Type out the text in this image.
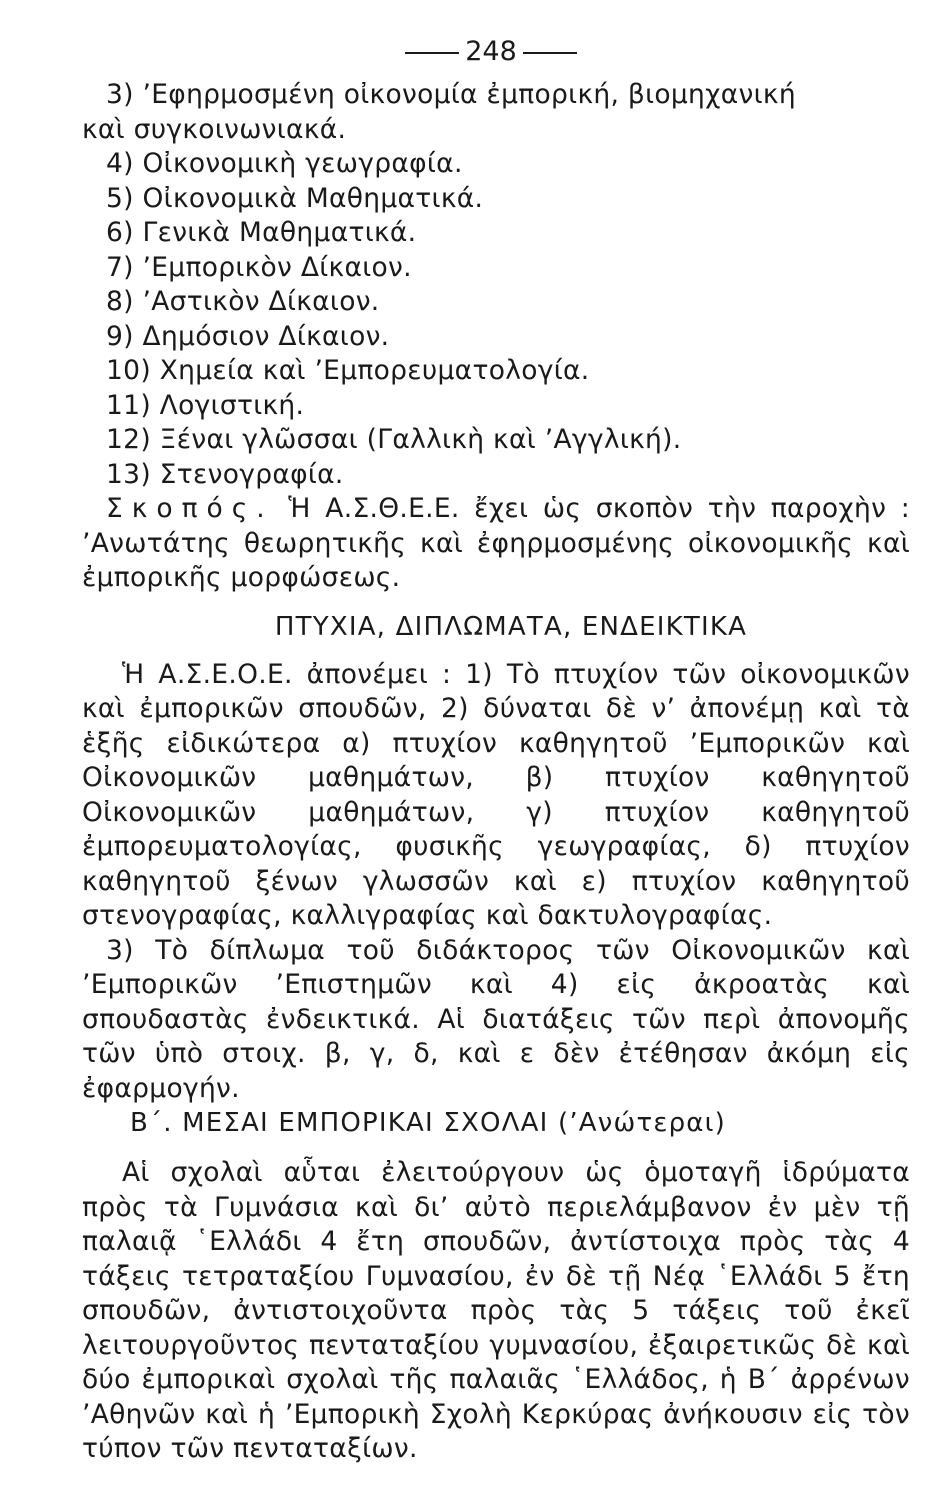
248
3) ’Εφηρμοσμένη οἰκονομία ἐμπορική, βιομηχανική
καὶ συγκοινωνιακά.
4) Οἰκονομικὴ γεωγραφία.
5) Οἰκονομικὰ Μαθηματικά.
6) Γενικὰ Μαθηματικά.
7) ’Εμπορικὸν Δίκαιον.
8) ’Αστικὸν Δίκαιον.
9) Δημόσιον Δίκαιον.
10) Χημεία καὶ ’Εμπορευματολογία.
11) Λογιστική.
12) Ξέναι γλῶσσαι (Γαλλικὴ καὶ ’Αγγλική).
13) Στενογραφία.

Σκοπός. Ἡ Α.Σ.Θ.Ε.Ε. ἔχει ὡς σκοπὸν τὴν παροχὴν : ’Ανωτάτης θεωρητικῆς καὶ ἐφηρμοσμένης οἰκονομικῆς καὶ ἐμπορικῆς μορφώσεως.

ΠΤΥΧΙΑ, ΔΙΠΛΩΜΑΤΑ, ΕΝΔΕΙΚΤΙΚΑ

Ἡ Α.Σ.Ε.Ο.Ε. ἀπονέμει : 1) Τὸ πτυχίον τῶν οἰκονομικῶν καὶ ἐμπορικῶν σπουδῶν, 2) δύναται δὲ ν’ ἀπονέμῃ καὶ τὰ ἑξῆς εἰδικώτερα α) πτυχίον καθηγητοῦ ’Εμπορικῶν καὶ Οἰκονομικῶν μαθημάτων, β) πτυχίον καθηγητοῦ Οἰκονομικῶν μαθημάτων, γ) πτυχίον καθηγητοῦ ἐμπορευματολογίας, φυσικῆς γεωγραφίας, δ) πτυχίον καθηγητοῦ ξένων γλωσσῶν καὶ ε) πτυχίον καθηγητοῦ στενογραφίας, καλλιγραφίας καὶ δακτυλογραφίας.

3) Τὸ δίπλωμα τοῦ διδάκτορος τῶν Οἰκονομικῶν καὶ ’Εμπορικῶν ’Επιστημῶν καὶ 4) εἰς ἀκροατὰς καὶ σπουδαστὰς ἐνδεικτικά. Αἱ διατάξεις τῶν περὶ ἀπονομῆς τῶν ὑπὸ στοιχ. β, γ, δ, καὶ ε δὲν ἐτέθησαν ἀκόμη εἰς ἐφαρμογήν.

Β΄. ΜΕΣΑΙ ΕΜΠΟΡΙΚΑΙ ΣΧΟΛΑΙ (’Ανώτεραι)

Αἱ σχολαὶ αὗται ἐλειτούργουν ὡς ὁμοταγῆ ἱδρύματα πρὸς τὰ Γυμνάσια καὶ δι’ αὐτὸ περιελάμβανον ἐν μὲν τῇ παλαιᾷ ῾Ελλάδι 4 ἔτη σπουδῶν, ἀντίστοιχα πρὸς τὰς 4 τάξεις τετραταξίου Γυμνασίου, ἐν δὲ τῇ Νέᾳ ῾Ελλάδι 5 ἔτη σπουδῶν, ἀντιστοιχοῦντα πρὸς τὰς 5 τάξεις τοῦ ἐκεῖ λειτουργοῦντος πενταταξίου γυμνασίου, ἐξαιρετικῶς δὲ καὶ δύο ἐμπορικαὶ σχολαὶ τῆς παλαιᾶς ῾Ελλάδος, ἡ Β΄ ἀρρένων ’Αθηνῶν καὶ ἡ ’Εμπορικὴ Σχολὴ Κερκύρας ἀνήκουσιν εἰς τὸν τύπον τῶν πενταταξίων.
